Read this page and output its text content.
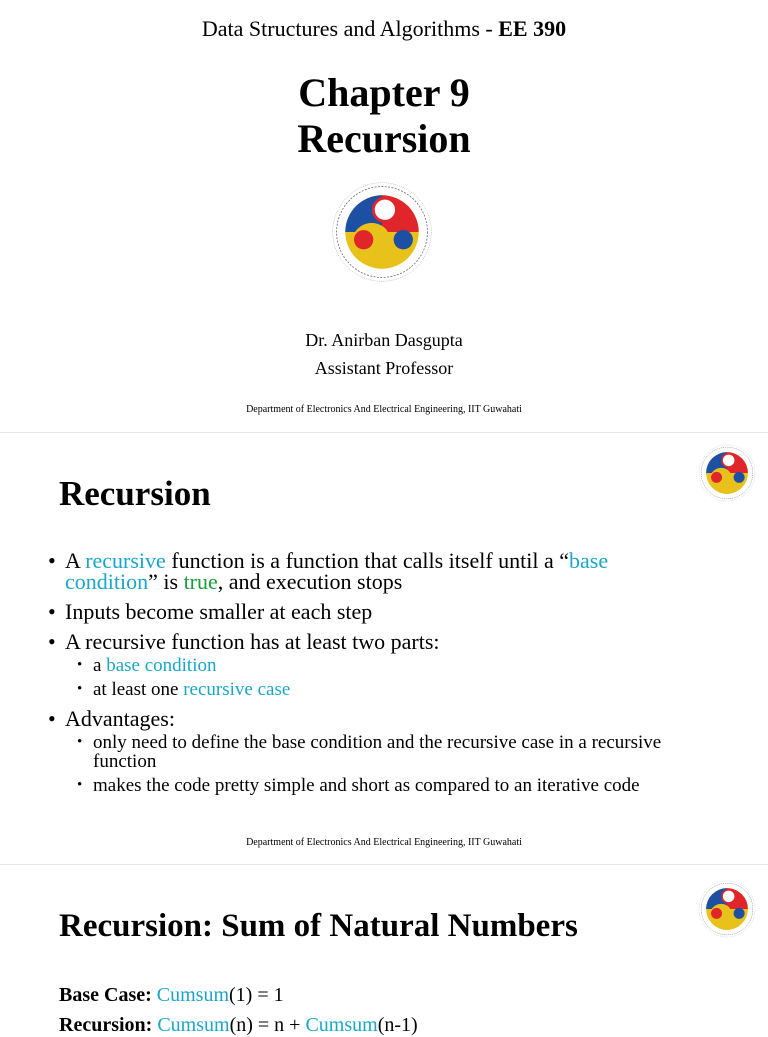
Data Structures and Algorithms - EE 390
Chapter 9
Recursion
Dr. Anirban Dasgupta
Assistant Professor
Department of Electronics And Electrical Engineering, IIT Guwahati
Recursion
• A recursive function is a function that calls itself until a “base condition” is true, and execution stops
• Inputs become smaller at each step
• A recursive function has at least two parts:
• a base condition
• at least one recursive case
• Advantages:
• only need to define the base condition and the recursive case in a recursive function
• makes the code pretty simple and short as compared to an iterative code
Department of Electronics And Electrical Engineering, IIT Guwahati
Recursion: Sum of Natural Numbers
Base Case: Cumsum(1) = 1
Recursion: Cumsum(n) = n + Cumsum(n-1)
